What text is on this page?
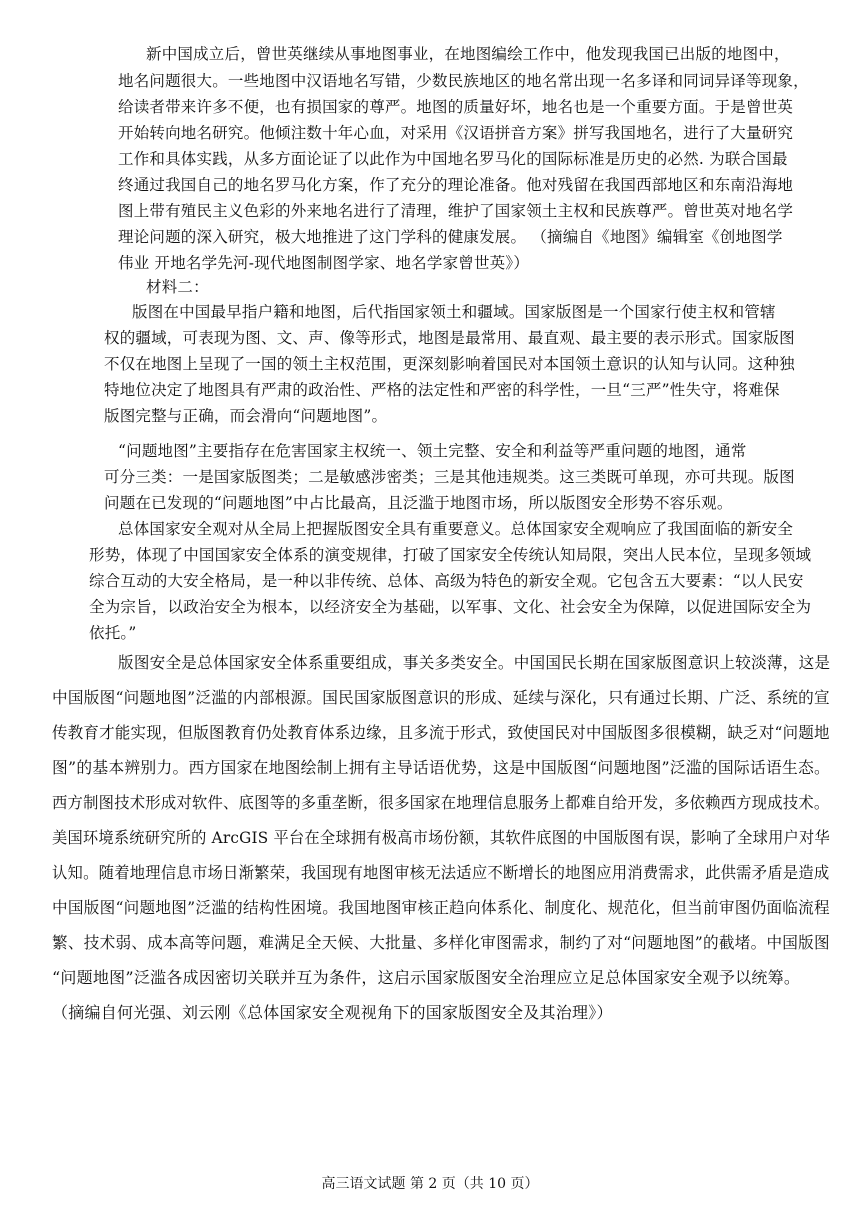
新中国成立后，曾世英继续从事地图事业，在地图编绘工作中，他发现我国已出版的地图中，
地名问题很大。一些地图中汉语地名写错，少数民族地区的地名常出现一名多译和同词异译等现象，
给读者带来许多不便，也有损国家的尊严。地图的质量好坏，地名也是一个重要方面。于是曾世英
开始转向地名研究。他倾注数十年心血，对采用《汉语拼音方案》拼写我国地名，进行了大量研究
工作和具体实践，从多方面论证了以此作为中国地名罗马化的国际标准是历史的必然. 为联合国最
终通过我国自己的地名罗马化方案，作了充分的理论准备。他对残留在我国西部地区和东南沿海地
图上带有殖民主义色彩的外来地名进行了清理，维护了国家领土主权和民族尊严。曾世英对地名学
理论问题的深入研究，极大地推进了这门学科的健康发展。 （摘编自《地图》编辑室《创地图学
伟业 开地名学先河-现代地图制图学家、地名学家曾世英》）
材料二：
版图在中国最早指户籍和地图，后代指国家领土和疆域。国家版图是一个国家行使主权和管辖
权的疆域，可表现为图、文、声、像等形式，地图是最常用、最直观、最主要的表示形式。国家版图
不仅在地图上呈现了一国的领土主权范围，更深刻影响着国民对本国领土意识的认知与认同。这种独
特地位决定了地图具有严肃的政治性、严格的法定性和严密的科学性，一旦“三严”性失守，将难保
版图完整与正确，而会滑向“问题地图”。
“问题地图”主要指存在危害国家主权统一、领土完整、安全和利益等严重问题的地图，通常
可分三类：一是国家版图类；二是敏感涉密类；三是其他违规类。这三类既可单现，亦可共现。版图
问题在已发现的“问题地图”中占比最高，且泛滥于地图市场，所以版图安全形势不容乐观。
总体国家安全观对从全局上把握版图安全具有重要意义。总体国家安全观响应了我国面临的新安全
形势，体现了中国国家安全体系的演变规律，打破了国家安全传统认知局限，突出人民本位，呈现多领域
综合互动的大安全格局，是一种以非传统、总体、高级为特色的新安全观。它包含五大要素：“以人民安
全为宗旨，以政治安全为根本，以经济安全为基础，以军事、文化、社会安全为保障，以促进国际安全为
依托。”
版图安全是总体国家安全体系重要组成，事关多类安全。中国国民长期在国家版图意识上较淡薄，这是
中国版图“问题地图”泛滥的内部根源。国民国家版图意识的形成、延续与深化，只有通过长期、广泛、系统的宣
传教育才能实现，但版图教育仍处教育体系边缘，且多流于形式，致使国民对中国版图多很模糊，缺乏对“问题地
图”的基本辨别力。西方国家在地图绘制上拥有主导话语优势，这是中国版图“问题地图”泛滥的国际话语生态。
西方制图技术形成对软件、底图等的多重垄断，很多国家在地理信息服务上都难自给开发，多依赖西方现成技术。
美国环境系统研究所的 ArcGIS 平台在全球拥有极高市场份额，其软件底图的中国版图有误，影响了全球用户对华
认知。随着地理信息市场日渐繁荣，我国现有地图审核无法适应不断增长的地图应用消费需求，此供需矛盾是造成
中国版图“问题地图”泛滥的结构性困境。我国地图审核正趋向体系化、制度化、规范化，但当前审图仍面临流程
繁、技术弱、成本高等问题，难满足全天候、大批量、多样化审图需求，制约了对“问题地图”的截堵。中国版图
“问题地图”泛滥各成因密切关联并互为条件，这启示国家版图安全治理应立足总体国家安全观予以统筹。
（摘编自何光强、刘云刚《总体国家安全观视角下的国家版图安全及其治理》）
高三语文试题 第 2 页（共 10 页）
